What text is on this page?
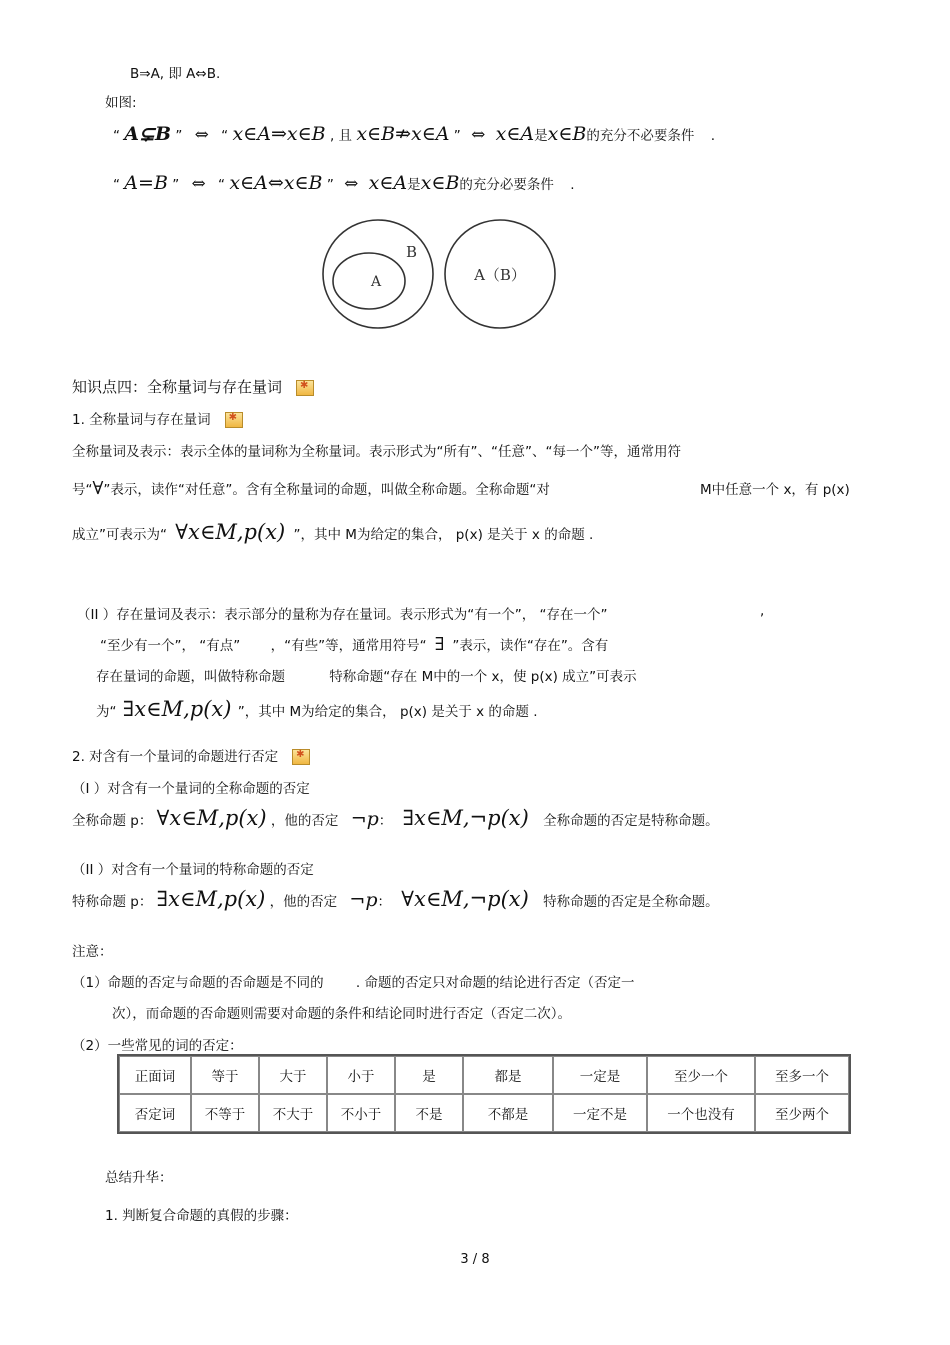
B⇒A, 即 A⇔B.
如图:
“ A⊊B ” ⇔ “ x∈A⇒x∈B , 且 x∈B⇏x∈A ” ⇔ x∈A是x∈B的充分不必要条件 .
“ A=B ” ⇔ “ x∈A⇔x∈B ” ⇔ x∈A是x∈B的充分必要条件 .
B
A	A（B）
知识点四：全称量词与存在量词✱
1. 全称量词与存在量词✱
全称量词及表示：表示全体的量词称为全称量词。表示形式为“所有”、“任意”、“每一个”等，通常用符
号“∀”表示，读作“对任意”。含有全称量词的命题，叫做全称命题。全称命题“对	M中任意一个 x，有 p(x)
成立”可表示为“ ∀x∈M,p(x) ”，其中 M为给定的集合， p(x) 是关于 x 的命题 .
（II ）存在量词及表示：表示部分的量称为存在量词。表示形式为“有一个”， “存在一个”	,
“至少有一个”， “有点” ，“有些”等，通常用符号“ ∃ ”表示，读作“存在”。含有
存在量词的命题，叫做特称命题	特称命题“存在 M中的一个 x，使 p(x) 成立”可表示
为“ ∃x∈M,p(x) ”，其中 M为给定的集合， p(x) 是关于 x 的命题 .
2. 对含有一个量词的命题进行否定✱
（I ）对含有一个量词的全称命题的否定
全称命题 p： ∀x∈M,p(x) ，他的否定 ¬p： ∃x∈M,¬p(x) 全称命题的否定是特称命题。
（II ）对含有一个量词的特称命题的否定
特称命题 p： ∃x∈M,p(x) ，他的否定 ¬p： ∀x∈M,¬p(x) 特称命题的否定是全称命题。
注意：
（1）命题的否定与命题的否命题是不同的 . 命题的否定只对命题的结论进行否定（否定一
次），而命题的否命题则需要对命题的条件和结论同时进行否定（否定二次）。
（2）一些常见的词的否定：
正面词	等于	大于	小于	是	都是	一定是	至少一个	至多一个
否定词	不等于	不大于	不小于	不是	不都是	一定不是	一个也没有	至少两个
总结升华：
1. 判断复合命题的真假的步骤：
3 / 8
